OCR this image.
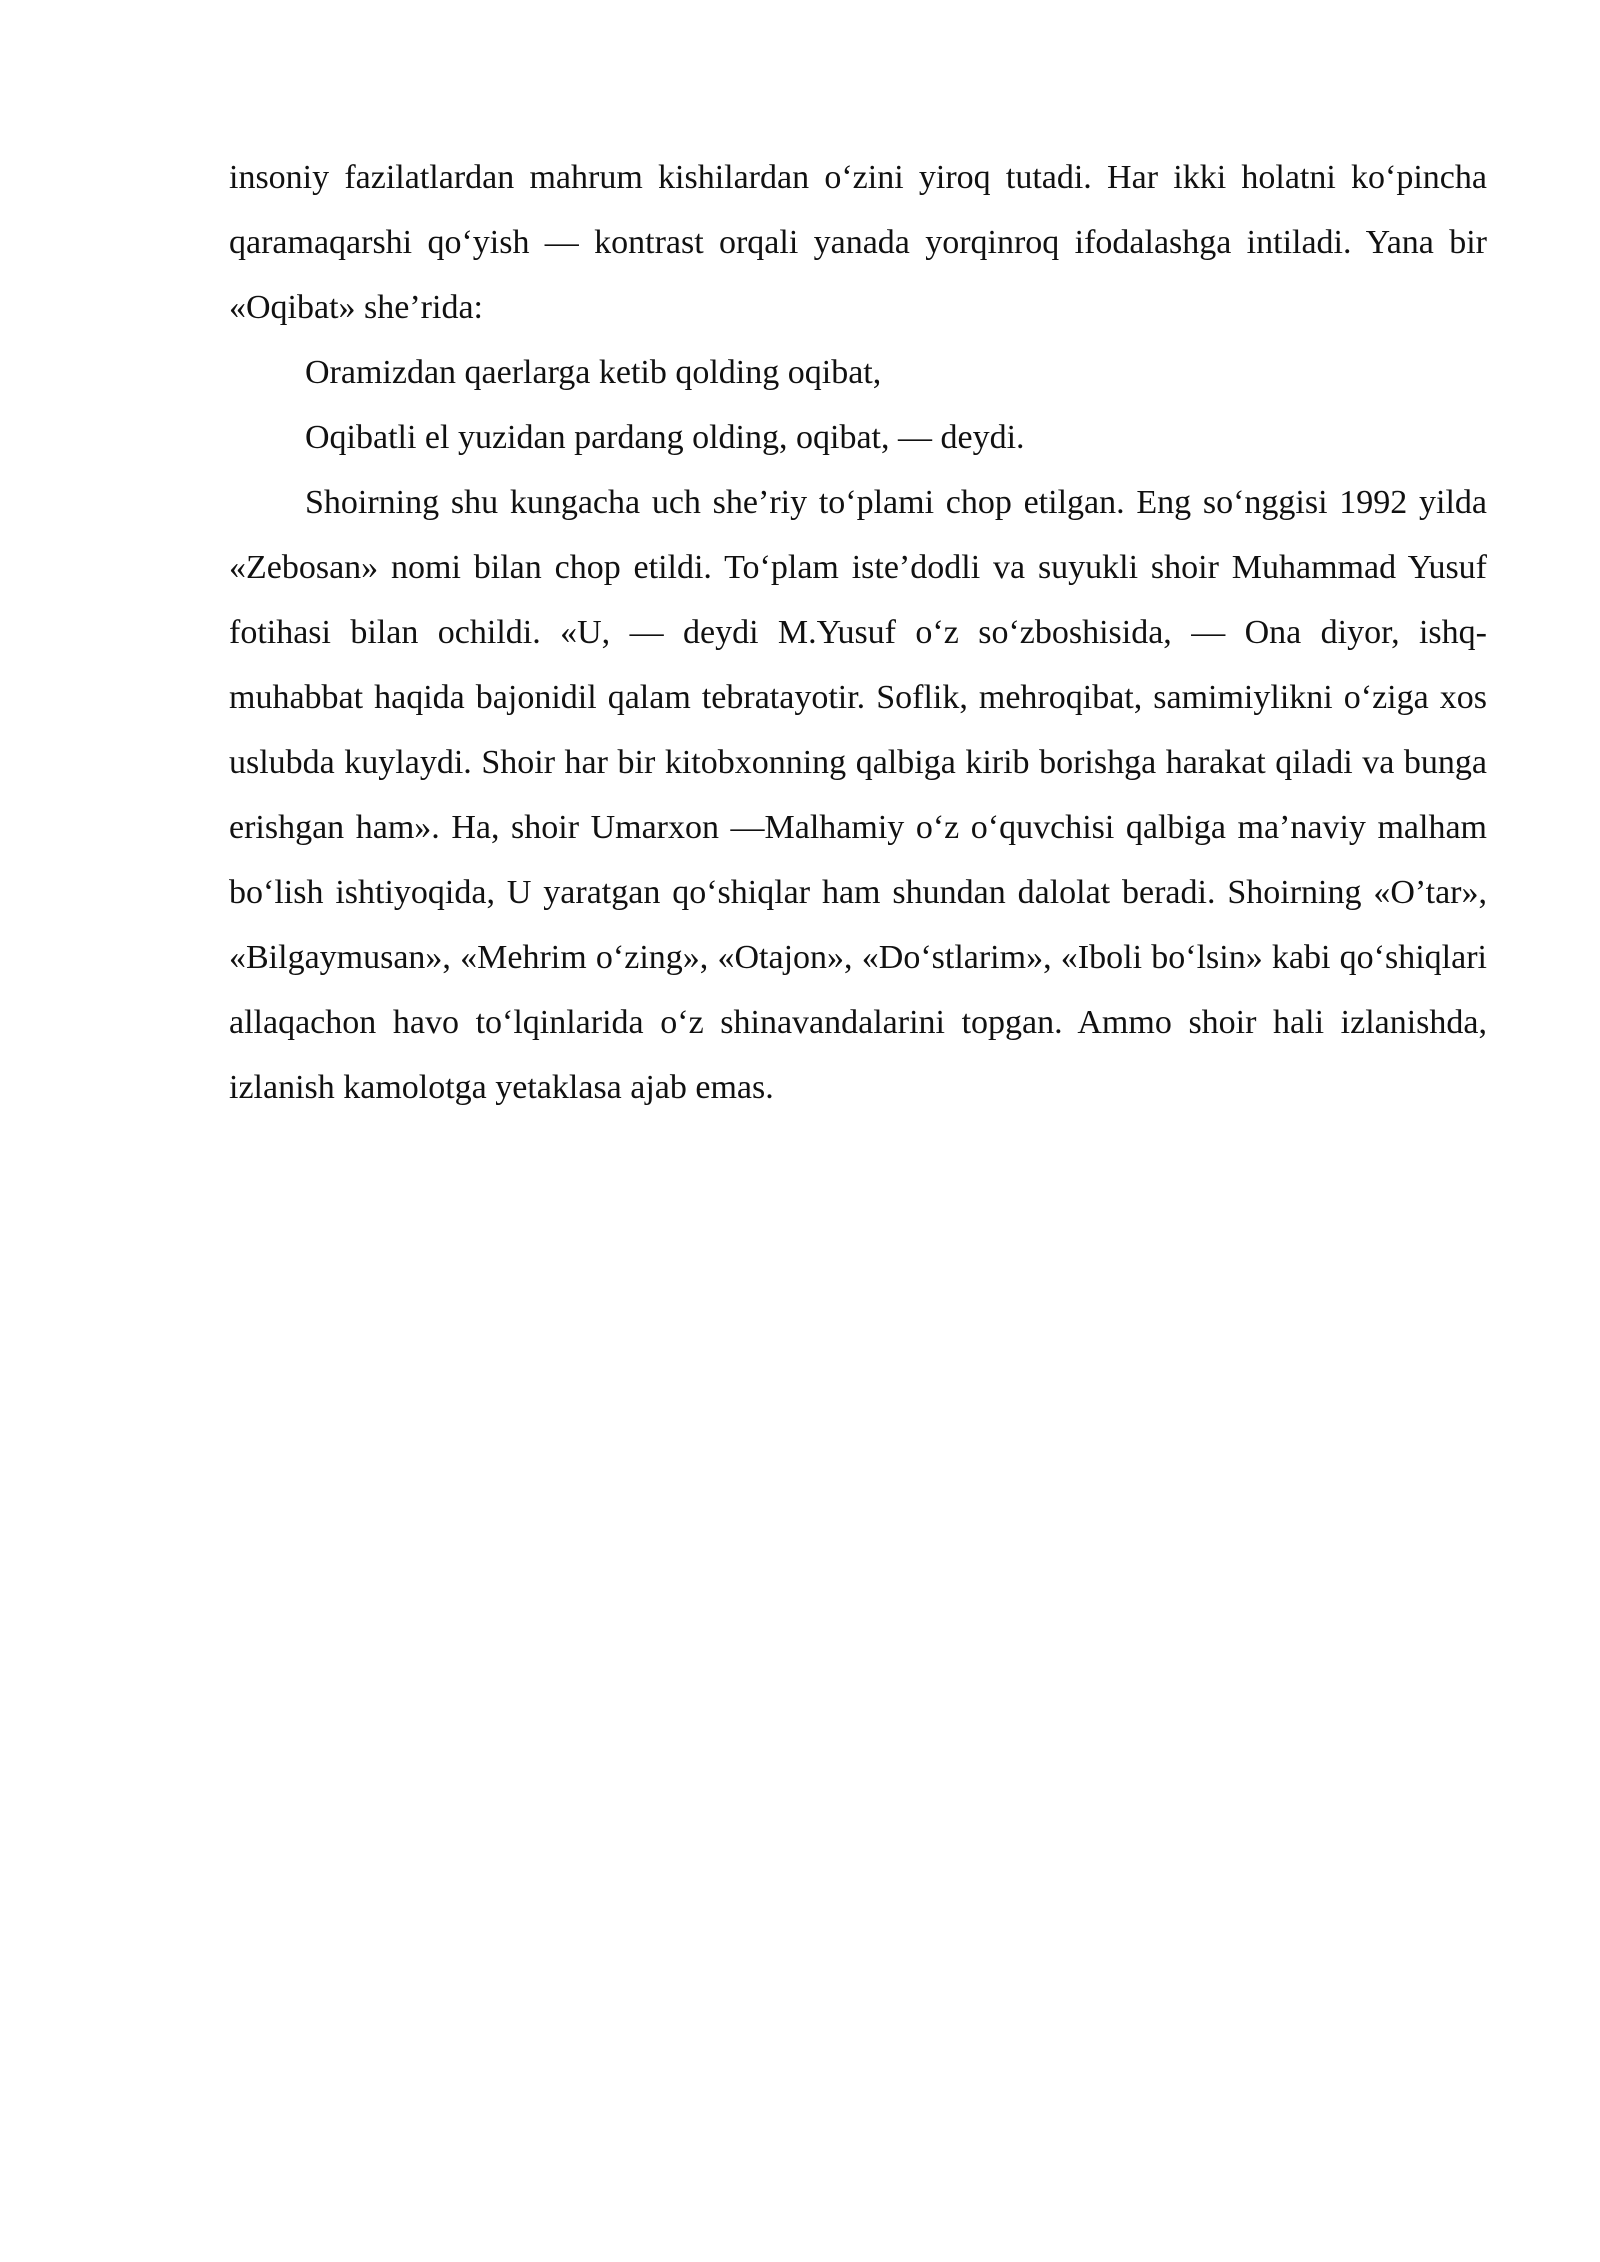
insoniy fazilatlardan mahrum kishilardan o‘zini yiroq tutadi. Har ikki holatni ko‘pincha qaramaqarshi qo‘yish — kontrast orqali yanada yorqinroq ifodalashga intiladi. Yana bir «Oqibat» she’rida:

Oramizdan qaerlarga ketib qolding oqibat,

Oqibatli el yuzidan pardang olding, oqibat, — deydi.

Shoirning shu kungacha uch she’riy to‘plami chop etilgan. Eng so‘nggisi 1992 yilda «Zebosan» nomi bilan chop etildi. To‘plam iste’dodli va suyukli shoir Muhammad Yusuf fotihasi bilan ochildi. «U, — deydi M.Yusuf o‘z so‘zboshisida, — Ona diyor, ishq-muhabbat haqida bajonidil qalam tebratayotir. Soflik, mehroqibat, samimiylikni o‘ziga xos uslubda kuylaydi. Shoir har bir kitobxonning qalbiga kirib borishga harakat qiladi va bunga erishgan ham». Ha, shoir Umarxon —Malhamiy o‘z o‘quvchisi qalbiga ma’naviy malham bo‘lish ishtiyoqida, U yaratgan qo‘shiqlar ham shundan dalolat beradi. Shoirning «O’tar», «Bilgaymusan», «Mehrim o‘zing», «Otajon», «Do‘stlarim», «Iboli bo‘lsin» kabi qo‘shiqlari allaqachon havo to‘lqinlarida o‘z shinavandalarini topgan. Ammo shoir hali izlanishda, izlanish kamolotga yetaklasa ajab emas.
